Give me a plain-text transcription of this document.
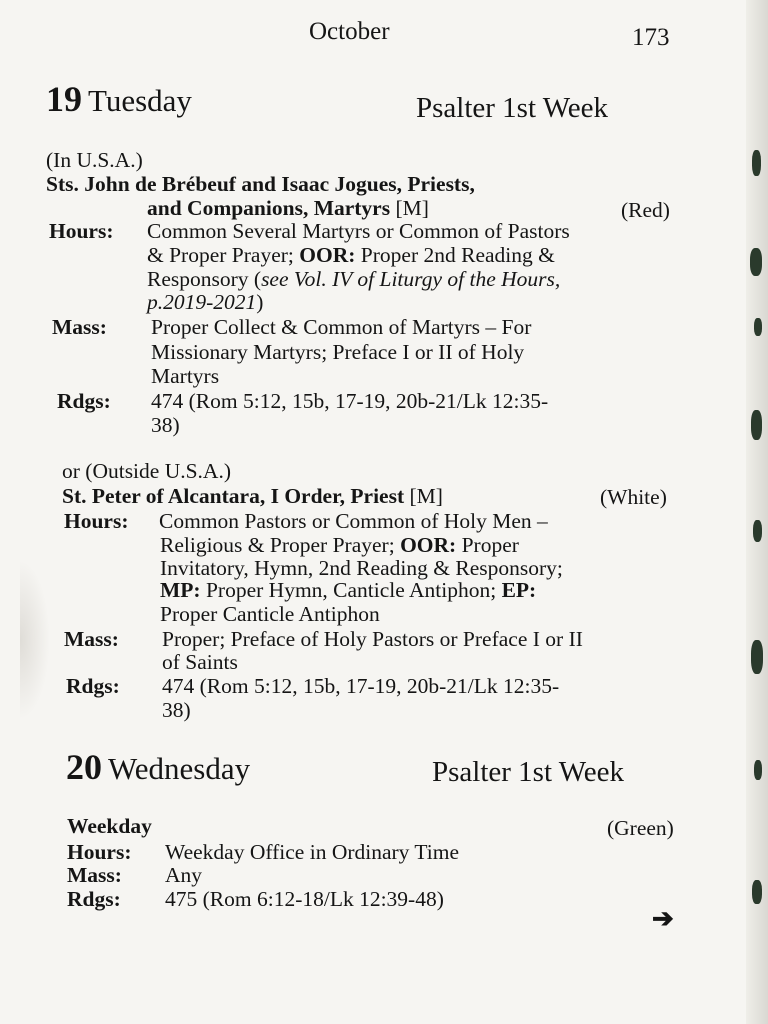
October	173
19 Tuesday	Psalter 1st Week
(In U.S.A.)
Sts. John de Brébeuf and Isaac Jogues, Priests,
and Companions, Martyrs [M]	(Red)
Hours: Common Several Martyrs or Common of Pastors
& Proper Prayer; OOR: Proper 2nd Reading &
Responsory (see Vol. IV of Liturgy of the Hours,
p.2019-2021)
Mass: Proper Collect & Common of Martyrs – For
Missionary Martyrs; Preface I or II of Holy
Martyrs
Rdgs: 474 (Rom 5:12, 15b, 17-19, 20b-21/Lk 12:35-
38)
or (Outside U.S.A.)
St. Peter of Alcantara, I Order, Priest [M]	(White)
Hours: Common Pastors or Common of Holy Men –
Religious & Proper Prayer; OOR: Proper
Invitatory, Hymn, 2nd Reading & Responsory;
MP: Proper Hymn, Canticle Antiphon; EP:
Proper Canticle Antiphon
Mass: Proper; Preface of Holy Pastors or Preface I or II
of Saints
Rdgs: 474 (Rom 5:12, 15b, 17-19, 20b-21/Lk 12:35-
38)
20 Wednesday	Psalter 1st Week
Weekday	(Green)
Hours: Weekday Office in Ordinary Time
Mass: Any
Rdgs: 475 (Rom 6:12-18/Lk 12:39-48)
➔
